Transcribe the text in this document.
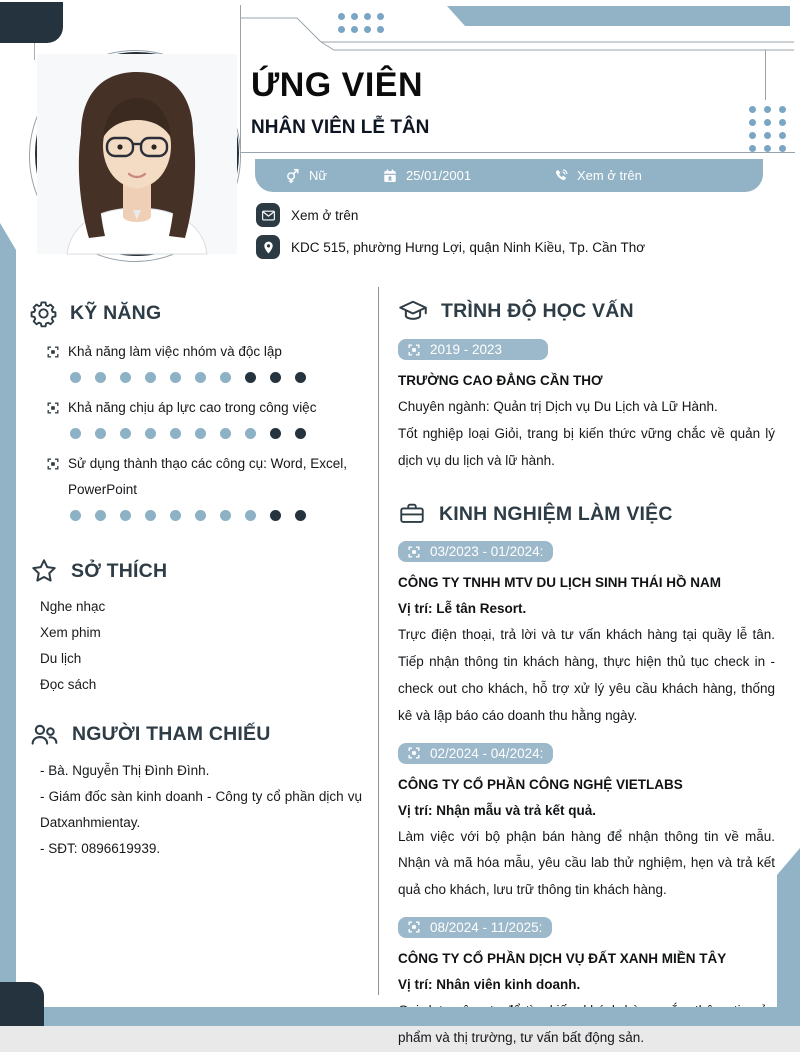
ỨNG VIÊN
NHÂN VIÊN LỄ TÂN
Nữ	25/01/2001	Xem ở trên
Xem ở trên
KDC 515, phường Hưng Lợi, quận Ninh Kiều, Tp. Cần Thơ
KỸ NĂNG
Khả năng làm việc nhóm và độc lập
Khả năng chịu áp lực cao trong công việc
Sử dụng thành thạo các công cụ: Word, Excel, PowerPoint
SỞ THÍCH
Nghe nhạc
Xem phim
Du lịch
Đọc sách
NGƯỜI THAM CHIẾU

- Bà. Nguyễn Thị Đình Đình.

- Giám đốc sàn kinh doanh - Công ty cổ phần dịch vụ Datxanhmientay.

- SĐT: 0896619939.

TRÌNH ĐỘ HỌC VẤN
2019 - 2023
TRƯỜNG CAO ĐẲNG CẦN THƠ

Chuyên ngành: Quản trị Dịch vụ Du Lịch và Lữ Hành.

Tốt nghiệp loại Giỏi, trang bị kiến thức vững chắc về quản lý dịch vụ du lịch và lữ hành.

KINH NGHIỆM LÀM VIỆC
03/2023 - 01/2024:
CÔNG TY TNHH MTV DU LỊCH SINH THÁI HỒ NAM
Vị trí: Lễ tân Resort.

Trực điện thoại, trả lời và tư vấn khách hàng tại quầy lễ tân. Tiếp nhận thông tin khách hàng, thực hiện thủ tục check in - check out cho khách, hỗ trợ xử lý yêu cầu khách hàng, thống kê và lập báo cáo doanh thu hằng ngày.

02/2024 - 04/2024:
CÔNG TY CỔ PHẦN CÔNG NGHỆ VIETLABS
Vị trí: Nhận mẫu và trả kết quả.

Làm việc với bộ phận bán hàng để nhận thông tin về mẫu. Nhận và mã hóa mẫu, yêu cầu lab thử nghiệm, hẹn và trả kết quả cho khách, lưu trữ thông tin khách hàng.

08/2024 - 11/2025:
CÔNG TY CỔ PHẦN DỊCH VỤ ĐẤT XANH MIỀN TÂY
Vị trí: Nhân viên kinh doanh.

phẩm và thị trường, tư vấn bất động sản.
